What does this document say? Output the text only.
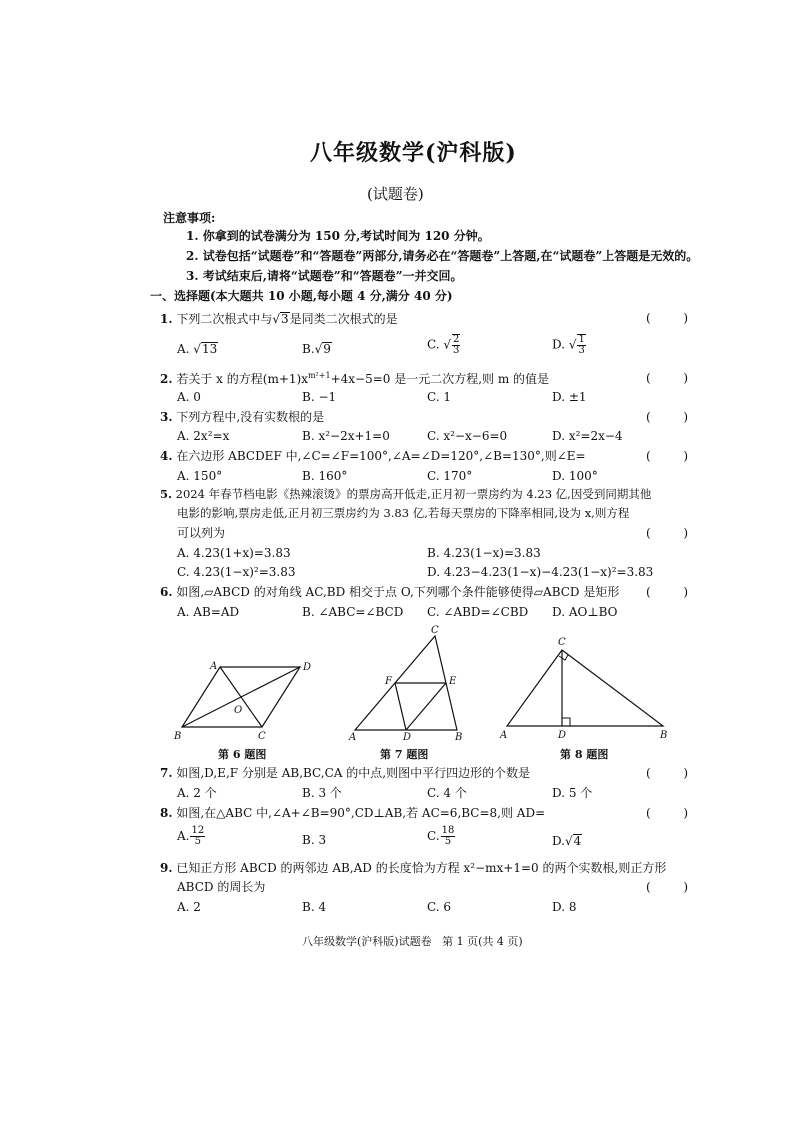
八年级数学(沪科版)
(试题卷)
注意事项:
1. 你拿到的试卷满分为 150 分,考试时间为 120 分钟。
2. 试卷包括“试题卷”和“答题卷”两部分,请务必在“答题卷”上答题,在“试题卷”上答题是无效的。
3. 考试结束后,请将“试题卷”和“答题卷”一并交回。
一、选择题(本大题共 10 小题,每小题 4 分,满分 40 分)
1. 下列二次根式中与√3是同类二次根式的是	(	)
A. √13	B.√9	C. √ $\frac{2}{3}$	D. √ $\frac{1}{3}$
2. 若关于 x 的方程$(m+1)x^{m^2+1}+4x-5=0$ 是一元二次方程,则 m 的值是	(	)
A. 0	B. −1	C. 1	D. ±1
3. 下列方程中,没有实数根的是	(	)
A. 2x²=x	B. x²−2x+1=0	C. x²−x−6=0	D. x²=2x−4
4. 在六边形 ABCDEF 中,∠C=∠F=100°,∠A=∠D=120°,∠B=130°,则∠E=	(	)
A. 150°	B. 160°	C. 170°	D. 100°
5. 2024 年春节档电影《热辣滚烫》的票房高开低走,正月初一票房约为 4.23 亿,因受到同期其他
电影的影响,票房走低,正月初三票房约为 3.83 亿,若每天票房的下降率相同,设为 x,则方程
可以列为	(	)
A. 4.23(1+x)=3.83	B. 4.23(1−x)=3.83
C. 4.23(1−x)²=3.83	D. 4.23−4.23(1−x)−4.23(1−x)²=3.83
6. 如图,▱ABCD 的对角线 AC,BD 相交于点 O,下列哪个条件能够使得▱ABCD 是矩形 (	)
A. AB=AD	B. ∠ABC=∠BCD C. ∠ABD=∠CBD D. AO⊥BO
A	D
O
B	C
第 6 题图
C
F	E
A	D	B
第 7 题图
C
A	D	B
第 8 题图
7. 如图,D,E,F 分别是 AB,BC,CA 的中点,则图中平行四边形的个数是	(	)
A. 2 个	B. 3 个	C. 4 个	D. 5 个
8. 如图,在△ABC 中,∠A+∠B=90°,CD⊥AB,若 AC=6,BC=8,则 AD=	(	)
A. $\frac{12}{5}$	B. 3	C. $\frac{18}{5}$	D.√4
9. 已知正方形 ABCD 的两邻边 AB,AD 的长度恰为方程 x²−mx+1=0 的两个实数根,则正方形
ABCD 的周长为	(	)
A. 2	B. 4	C. 6	D. 8
八年级数学(沪科版)试题卷   第 1 页(共 4 页)
